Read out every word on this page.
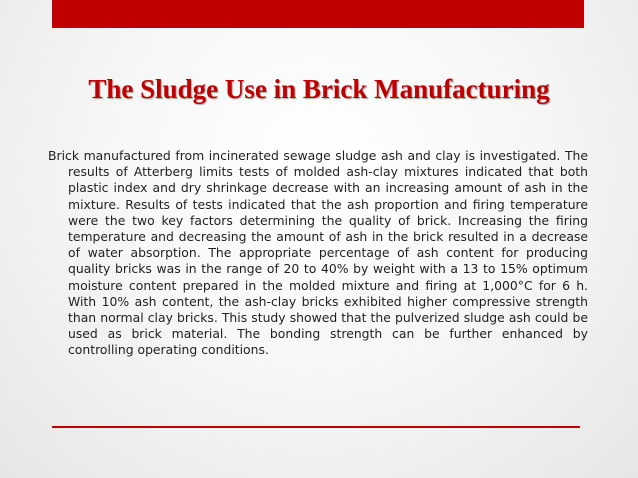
The Sludge Use in Brick Manufacturing

Brick manufactured from incinerated sewage sludge ash and clay is investigated. The results of Atterberg limits tests of molded ash-clay mixtures indicated that both plastic index and dry shrinkage decrease with an increasing amount of ash in the mixture. Results of tests indicated that the ash proportion and firing temperature were the two key factors determining the quality of brick. Increasing the firing temperature and decreasing the amount of ash in the brick resulted in a decrease of water absorption. The appropriate percentage of ash content for producing quality bricks was in the range of 20 to 40% by weight with a 13 to 15% optimum moisture content prepared in the molded mixture and firing at 1,000°C for 6 h. With 10% ash content, the ash-clay bricks exhibited higher compressive strength than normal clay bricks. This study showed that the pulverized sludge ash could be used as brick material. The bonding strength can be further enhanced by controlling operating conditions.
